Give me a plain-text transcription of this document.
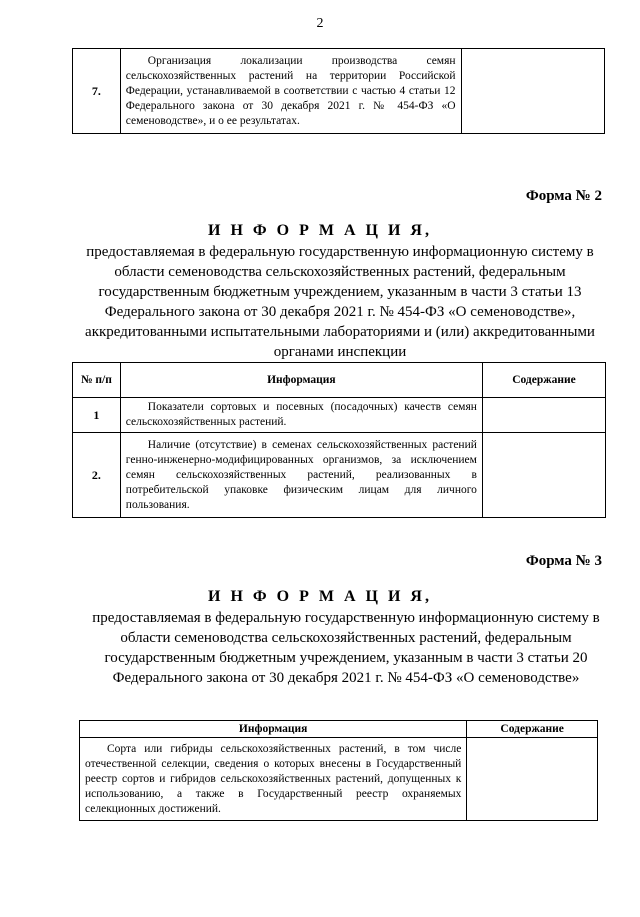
2
7.	Организация локализации производства семян сельскохозяйственных растений на территории Российской Федерации, устанавливаемой в соответствии с частью 4 статьи 12 Федерального закона от 30 декабря 2021 г. № 454-ФЗ «О семеноводстве», и о ее результатах.	
Форма № 2
И Н Ф О Р М А Ц И Я,
предоставляемая в федеральную государственную информационную систему в области семеноводства сельскохозяйственных растений, федеральным государственным бюджетным учреждением, указанным в части 3 статьи 13 Федерального закона от 30 декабря 2021 г. № 454-ФЗ «О семеноводстве», аккредитованными испытательными лабораториями и (или) аккредитованными органами инспекции
№ п/п	Информация	Содержание
1	Показатели сортовых и посевных (посадочных) качеств семян сельскохозяйственных растений.	
2.	Наличие (отсутствие) в семенах сельскохозяйственных растений генно-инженерно-модифицированных организмов, за исключением семян сельскохозяйственных растений, реализованных в потребительской упаковке физическим лицам для личного пользования.	
Форма № 3
И Н Ф О Р М А Ц И Я,
предоставляемая в федеральную государственную информационную систему в области семеноводства сельскохозяйственных растений, федеральным государственным бюджетным учреждением, указанным в части 3 статьи 20 Федерального закона от 30 декабря 2021 г. № 454-ФЗ «О семеноводстве»
Информация	Содержание
Сорта или гибриды сельскохозяйственных растений, в том числе отечественной селекции, сведения о которых внесены в Государственный реестр сортов и гибридов сельскохозяйственных растений, допущенных к использованию, а также в Государственный реестр охраняемых селекционных достижений.	
